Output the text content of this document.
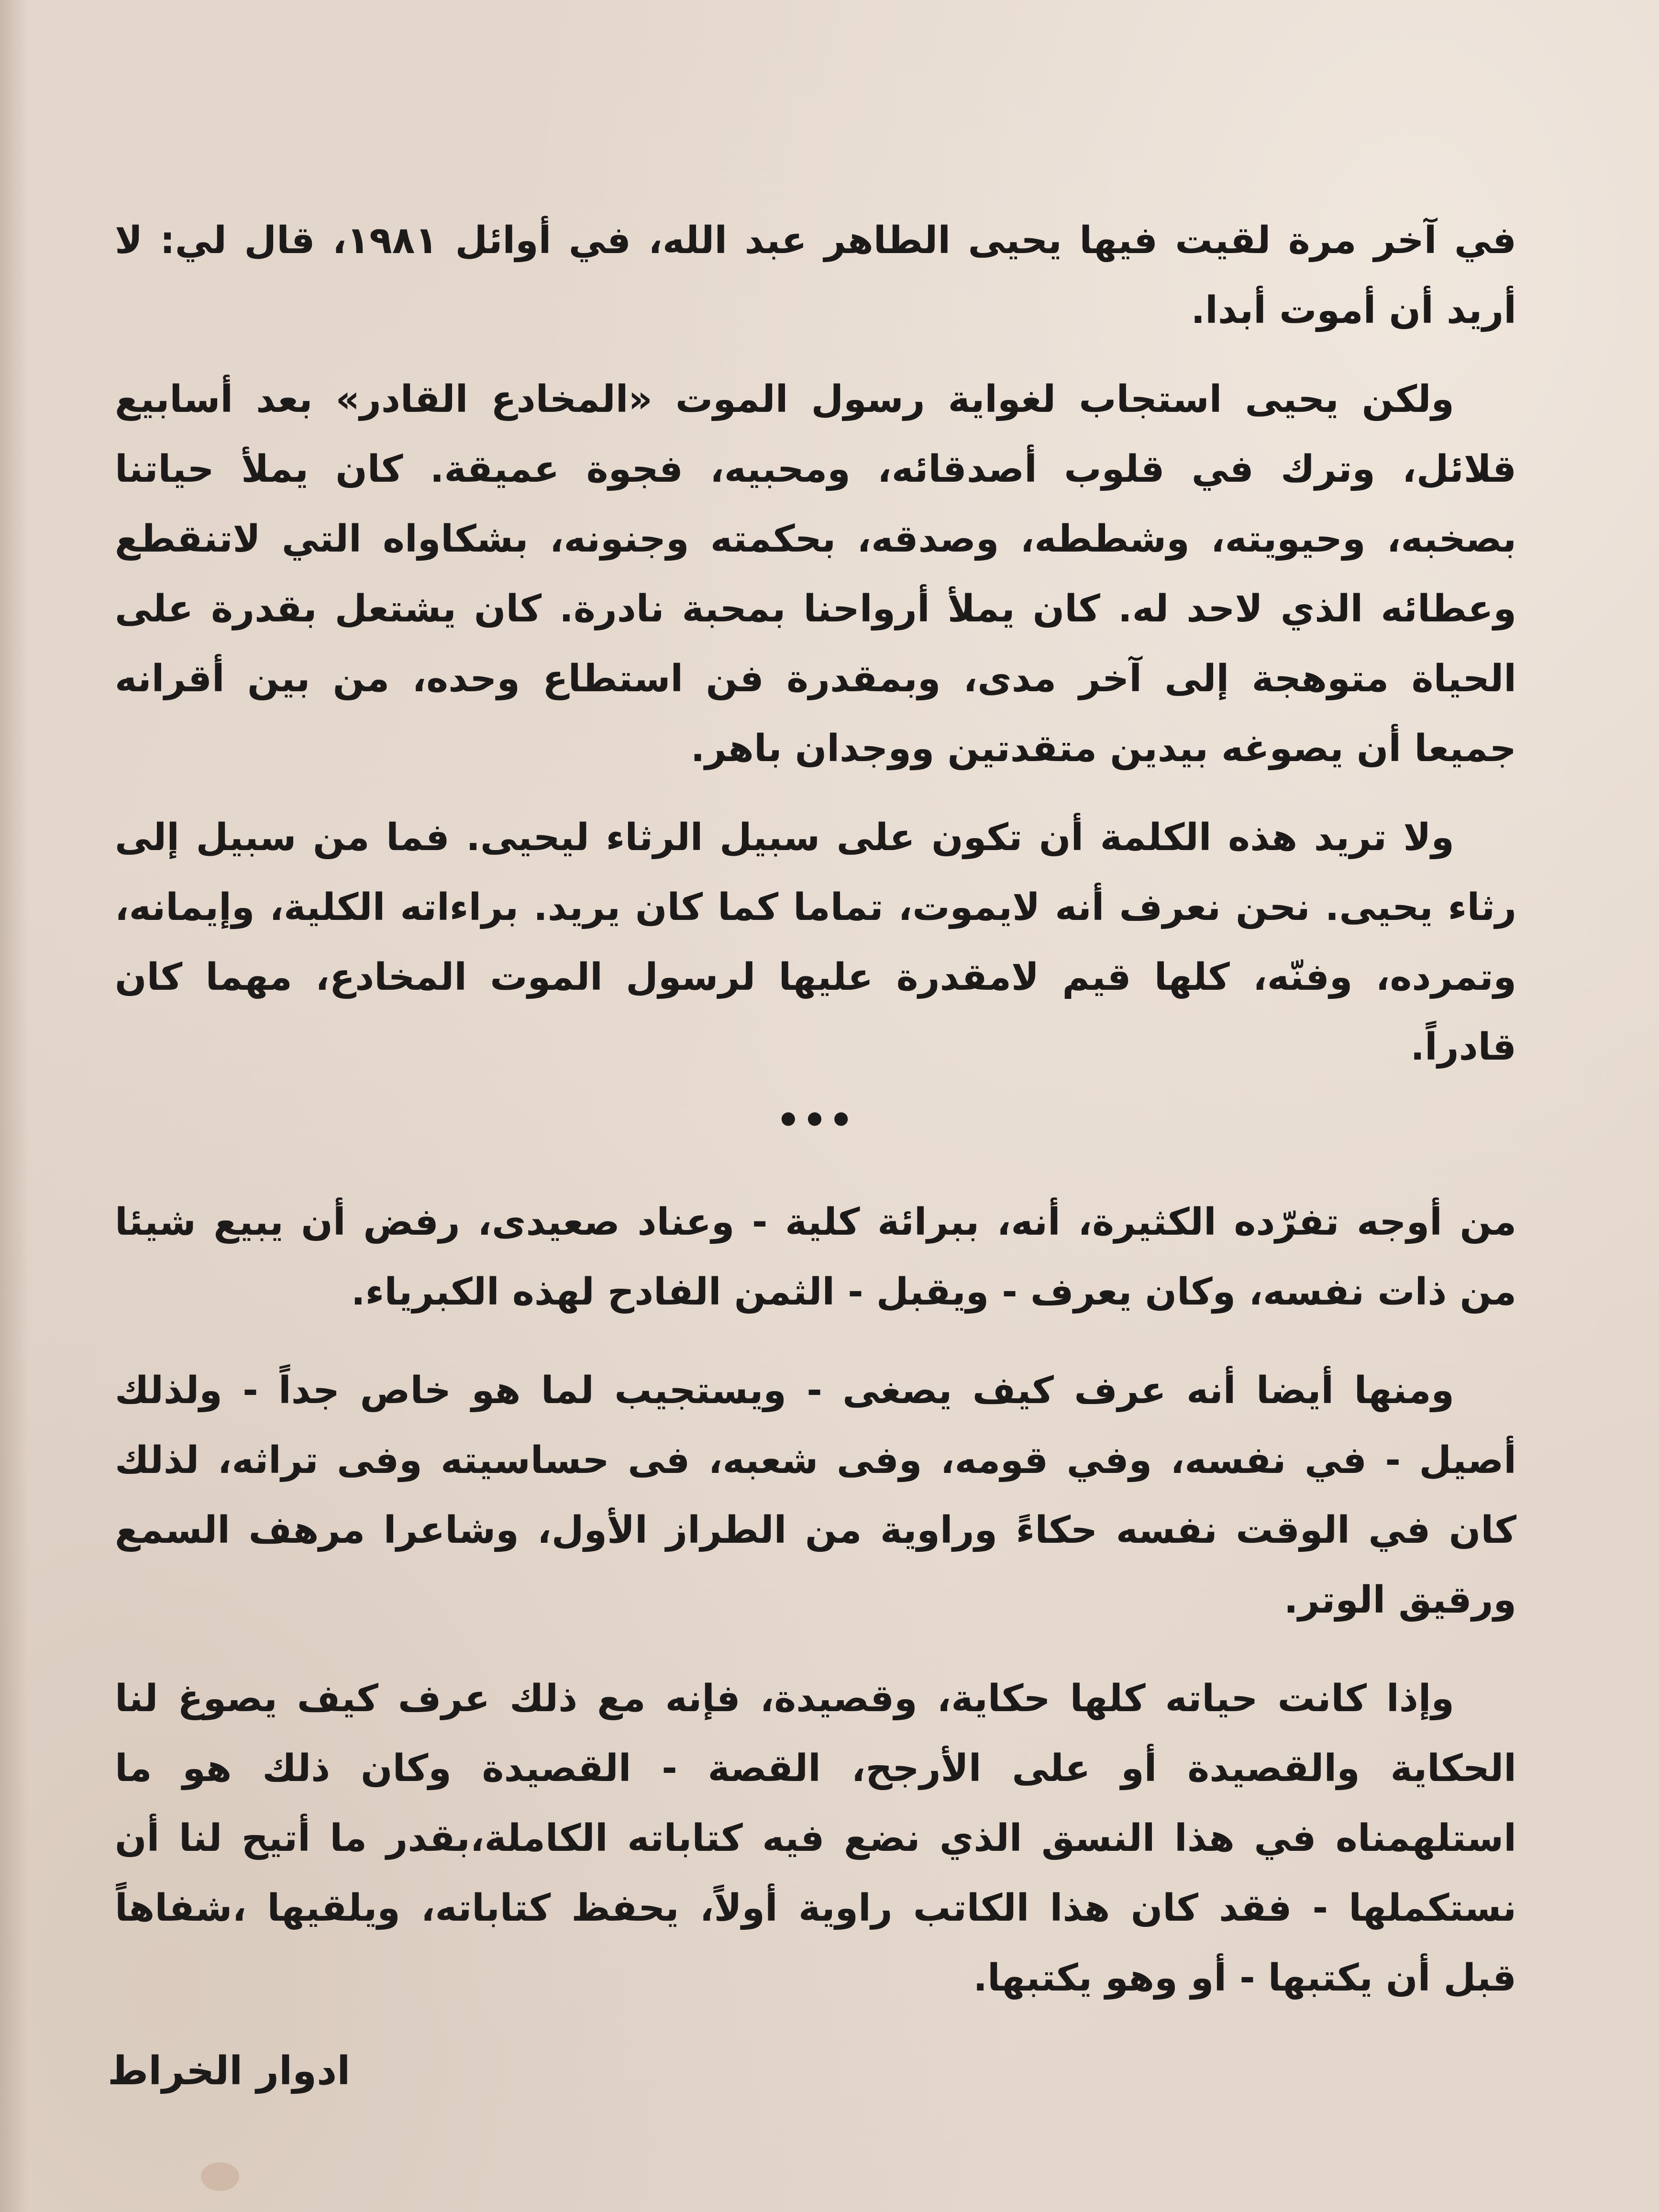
في آخر مرة لقيت فيها يحيى الطاهر عبد الله، في أوائل ١٩٨١، قال لي: لا أريد أن أموت أبدا.

ولكن يحيى استجاب لغواية رسول الموت «المخادع القادر» بعد أسابيع قلائل، وترك في قلوب أصدقائه، ومحبيه، فجوة عميقة. كان يملأ حياتنا بصخبه، وحيويته، وشططه، وصدقه، بحكمته وجنونه، بشكاواه التي لاتنقطع وعطائه الذي لاحد له. كان يملأ أرواحنا بمحبة نادرة. كان يشتعل بقدرة على الحياة متوهجة إلى آخر مدى، وبمقدرة فن استطاع وحده، من بين أقرانه جميعا أن يصوغه بيدين متقدتين ووجدان باهر.

ولا تريد هذه الكلمة أن تكون على سبيل الرثاء ليحيى. فما من سبيل إلى رثاء يحيى. نحن نعرف أنه لايموت، تماما كما كان يريد. براءاته الكلية، وإيمانه، وتمرده، وفنّه، كلها قيم لامقدرة عليها لرسول الموت المخادع، مهما كان قادراً.

•••

من أوجه تفرّده الكثيرة، أنه، ببرائة كلية - وعناد صعيدى، رفض أن يبيع شيئا من ذات نفسه، وكان يعرف - ويقبل - الثمن الفادح لهذه الكبرياء.

ومنها أيضا أنه عرف كيف يصغى - ويستجيب لما هو خاص جداً - ولذلك أصيل - في نفسه، وفي قومه، وفى شعبه، فى حساسيته وفى تراثه، لذلك كان في الوقت نفسه حكاءً وراوية من الطراز الأول، وشاعرا مرهف السمع ورقيق الوتر.

وإذا كانت حياته كلها حكاية، وقصيدة، فإنه مع ذلك عرف كيف يصوغ لنا الحكاية والقصيدة أو على الأرجح، القصة - القصيدة وكان ذلك هو ما استلهمناه في هذا النسق الذي نضع فيه كتاباته الكاملة،بقدر ما أتيح لنا أن نستكملها - فقد كان هذا الكاتب راوية أولاً، يحفظ كتاباته، ويلقيها ،شفاهاً قبل أن يكتبها - أو وهو يكتبها.

ادوار الخراط
